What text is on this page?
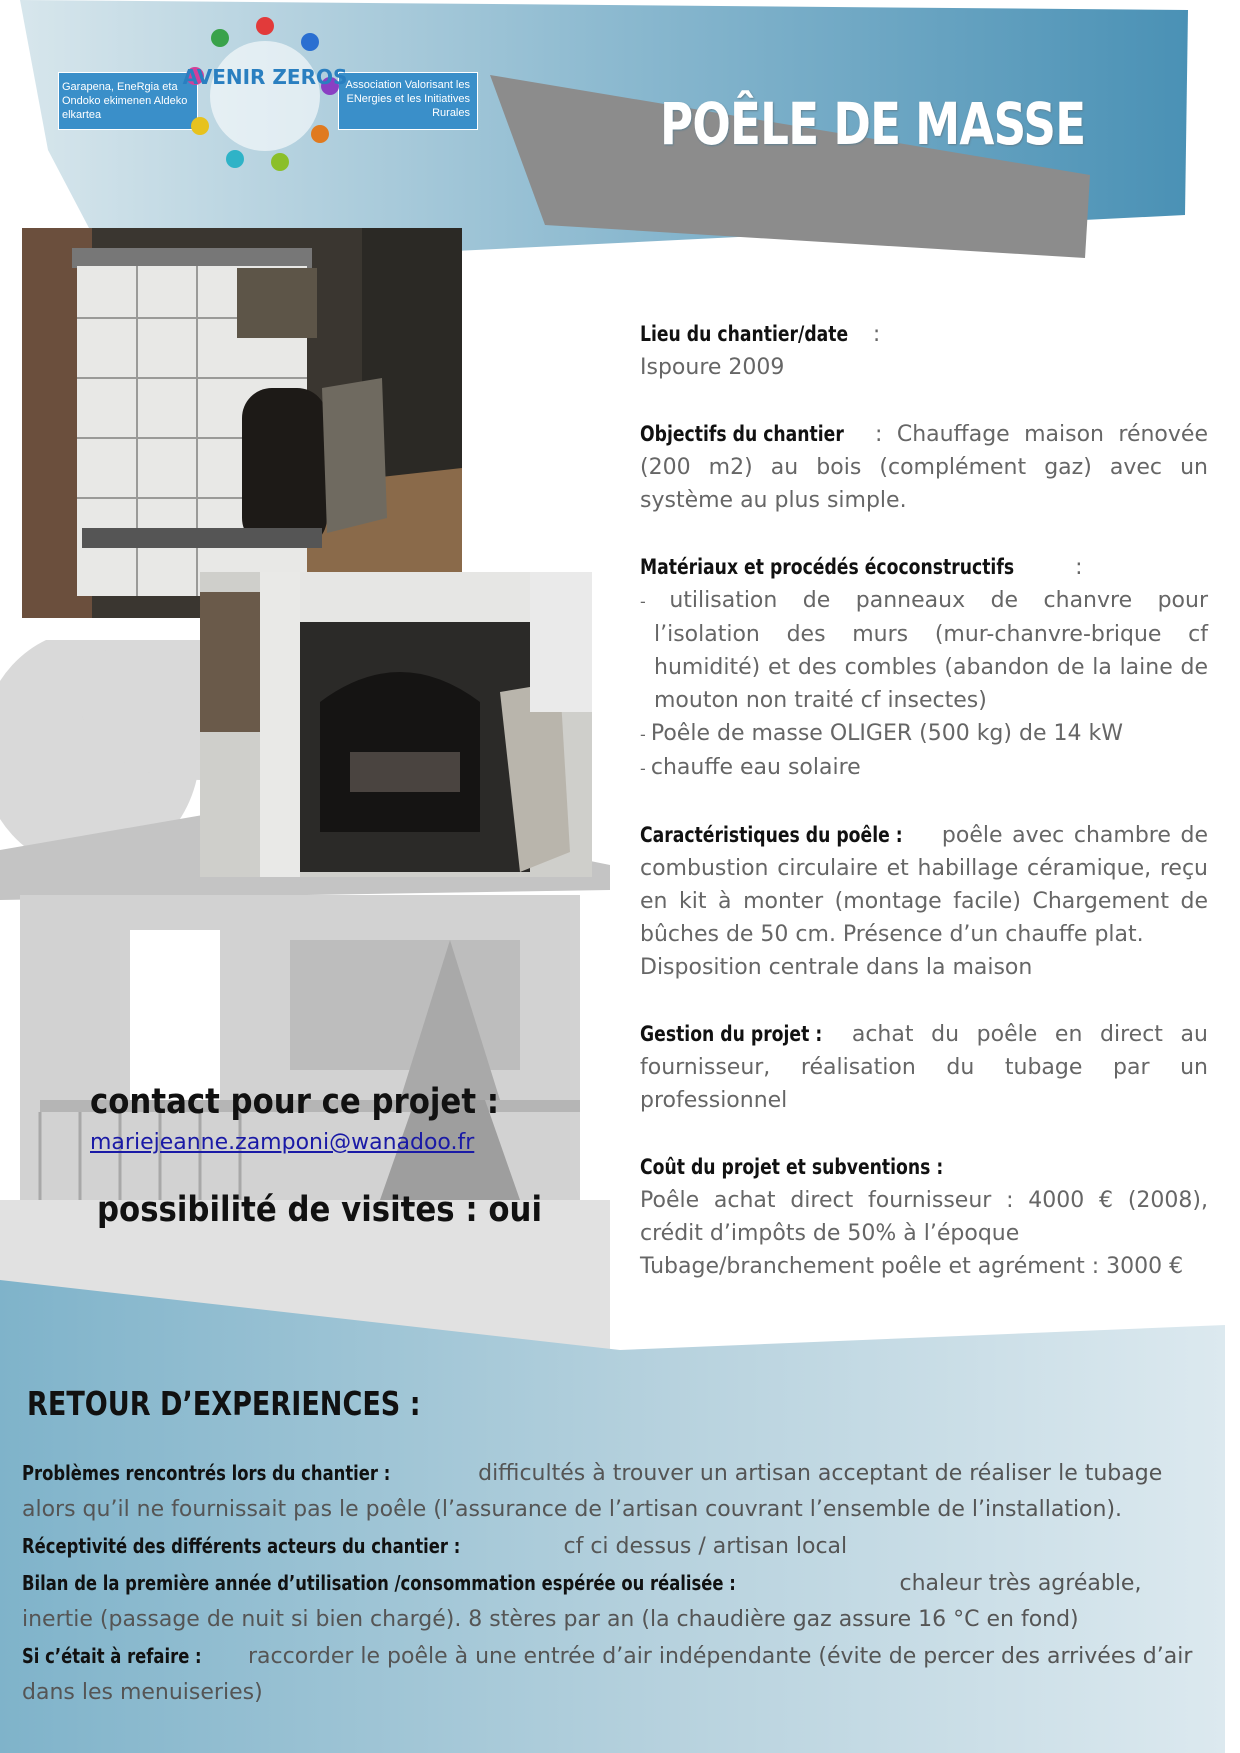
Garapena, EneRgia eta Ondoko ekimenen Aldeko elkartea
Association Valorisant les ENergies et les Initiatives Rurales
AVENIR ZEROS
POÊLE DE MASSE

Lieu du chantier/date :
Ispoure 2009

Objectifs du chantier : Chauffage maison rénovée (200 m2) au bois (complément gaz) avec un système au plus simple.

Matériaux et procédés écoconstructifs :
- utilisation de panneaux de chanvre pour l’isolation des murs (mur-chanvre-brique cf humidité) et des combles (abandon de la laine de mouton non traité cf insectes)
- Poêle de masse OLIGER (500 kg) de 14 kW
- chauffe eau solaire

Caractéristiques du poêle : poêle avec chambre de combustion circulaire et habillage céramique, reçu en kit à monter (montage facile) Chargement de bûches de 50 cm. Présence d’un chauffe plat.
Disposition centrale dans la maison

Gestion du projet : achat du poêle en direct au fournisseur, réalisation du tubage par un professionnel

Coût du projet et subventions :
Poêle achat direct fournisseur : 4000 € (2008), crédit d’impôts de 50% à l’époque
Tubage/branchement poêle et agrément : 3000 €

contact pour ce projet :
mariejeanne.zamponi@wanadoo.fr
possibilité de visites : oui
RETOUR D’EXPERIENCES :

Problèmes rencontrés lors du chantier :	difficultés à trouver un artisan acceptant de réaliser le tubage alors qu’il ne fournissait pas le poêle (l’assurance de l’artisan couvrant l’ensemble de l’installation).

Réceptivité des différents acteurs du chantier :	cf ci dessus / artisan local

Bilan de la première année d’utilisation /consommation espérée ou réalisée :	chaleur très agréable, inertie (passage de nuit si bien chargé). 8 stères par an (la chaudière gaz assure 16 °C en fond)

Si c’était à refaire : raccorder le poêle à une entrée d’air indépendante (évite de percer des arrivées d’air dans les menuiseries)
